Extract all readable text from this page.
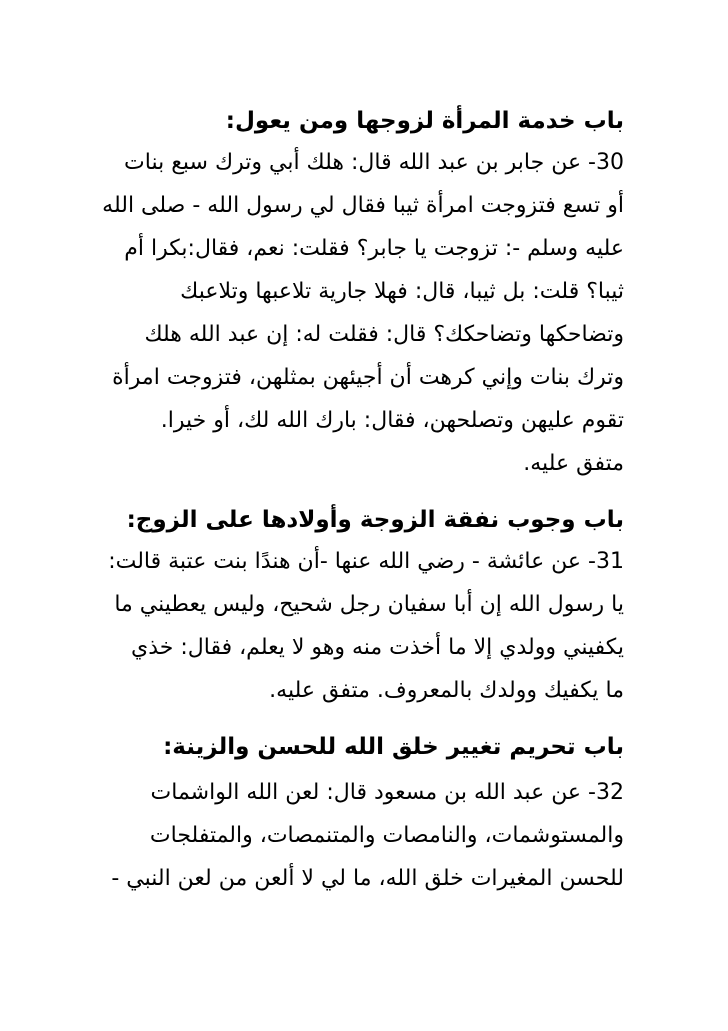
باب خدمة المرأة لزوجها ومن يعول:
30- عن جابر بن عبد الله قال: هلك أبي وترك سبع بنات
أو تسع فتزوجت امرأة ثيبا فقال لي رسول الله - صلى الله
عليه وسلم -: تزوجت يا جابر؟ فقلت: نعم، فقال:بكرا أم
ثيبا؟ قلت: بل ثيبا، قال: فهلا جارية تلاعبها وتلاعبك
وتضاحكها وتضاحكك؟ قال: فقلت له: إن عبد الله هلك
وترك بنات وإني كرهت أن أجيئهن بمثلهن، فتزوجت امرأة
تقوم عليهن وتصلحهن، فقال: بارك الله لك، أو خيرا.
متفق عليه.
باب وجوب نفقة الزوجة وأولادها على الزوج:
31- عن عائشة - رضي الله عنها -أن هندًا بنت عتبة قالت:
يا رسول الله إن أبا سفيان رجل شحيح، وليس يعطيني ما
يكفيني وولدي إلا ما أخذت منه وهو لا يعلم، فقال: خذي
ما يكفيك وولدك بالمعروف. متفق عليه.
باب تحريم تغيير خلق الله للحسن والزينة:
32- عن عبد الله بن مسعود قال: لعن الله الواشمات
والمستوشمات، والنامصات والمتنمصات، والمتفلجات
للحسن المغيرات خلق الله، ما لي لا ألعن من لعن النبي -
